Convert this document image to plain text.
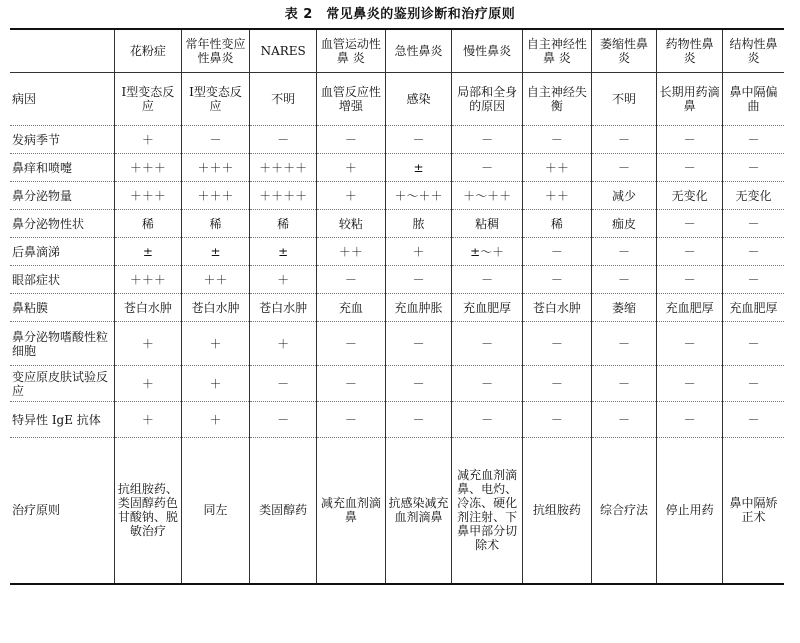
表 2　常见鼻炎的鉴别诊断和治疗原则
	花粉症	常年性变应性鼻炎	NARES	血管运动性 鼻 炎	急性鼻炎	慢性鼻炎	自主神经性 鼻 炎	萎缩性鼻　炎	药物性鼻　炎	结构性鼻　炎
病因	Ⅰ型变态反应	Ⅰ型变态反应	不明	血管反应性增强	感染	局部和全身的原因	自主神经失衡	不明	长期用药滴鼻	鼻中隔偏曲
发病季节	＋	－	－	－	－	－	－	－	－	－
鼻痒和喷嚏	＋＋＋	＋＋＋	＋＋＋＋	＋	±	－	＋＋	－	－	－
鼻分泌物量	＋＋＋	＋＋＋	＋＋＋＋	＋	＋～＋＋	＋～＋＋	＋＋	减少	无变化	无变化
鼻分泌物性状	稀	稀	稀	较粘	脓	粘稠	稀	痂皮	－	－
后鼻滴涕	±	±	±	＋＋	＋	±～＋	－	－	－	－
眼部症状	＋＋＋	＋＋	＋	－	－	－	－	－	－	－
鼻粘膜	苍白水肿	苍白水肿	苍白水肿	充血	充血肿胀	充血肥厚	苍白水肿	萎缩	充血肥厚	充血肥厚
鼻分泌物嗜酸性粒细胞	＋	＋	＋	－	－	－	－	－	－	－
变应原皮肤试验反应	＋	＋	－	－	－	－	－	－	－	－
特异性 IgE 抗体	＋	＋	－	－	－	－	－	－	－	－
治疗原则	抗组胺药、类固醇药色甘酸钠、脱敏治疗	同左	类固醇药	减充血剂滴鼻	抗感染减充血剂滴鼻	减充血剂滴鼻、电灼、冷冻、硬化剂注射、下鼻甲部分切除术	抗组胺药	综合疗法	停止用药	鼻中隔矫正术
